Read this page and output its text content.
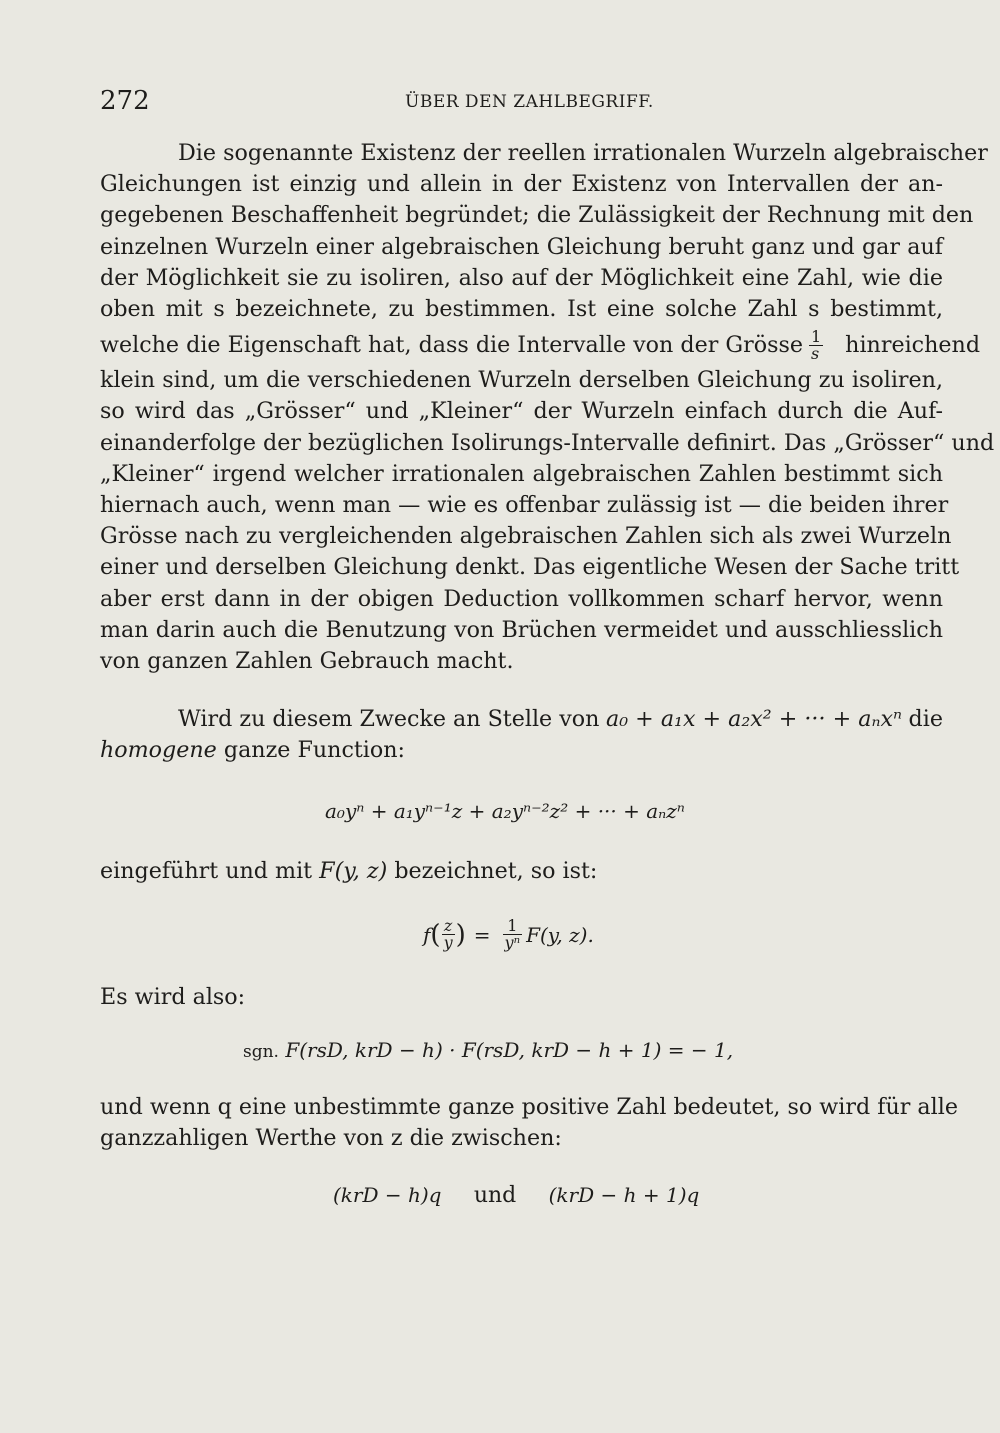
272	ÜBER DEN ZAHLBEGRIFF.
Die sogenannte Existenz der reellen irrationalen Wurzeln algebraischer
Gleichungen ist einzig und allein in der Existenz von Intervallen der an-
gegebenen Beschaffenheit begründet; die Zulässigkeit der Rechnung mit den
einzelnen Wurzeln einer algebraischen Gleichung beruht ganz und gar auf
der Möglichkeit sie zu isoliren, also auf der Möglichkeit eine Zahl, wie die
oben mit s bezeichnete, zu bestimmen. Ist eine solche Zahl s bestimmt,
welche die Eigenschaft hat, dass die Intervalle von der Grösse $\frac{1}{s}$ hinreichend
klein sind, um die verschiedenen Wurzeln derselben Gleichung zu isoliren,
so wird das „Grösser“ und „Kleiner“ der Wurzeln einfach durch die Auf-
einanderfolge der bezüglichen Isolirungs-Intervalle definirt. Das „Grösser“ und
„Kleiner“ irgend welcher irrationalen algebraischen Zahlen bestimmt sich
hiernach auch, wenn man — wie es offenbar zulässig ist — die beiden ihrer
Grösse nach zu vergleichenden algebraischen Zahlen sich als zwei Wurzeln
einer und derselben Gleichung denkt. Das eigentliche Wesen der Sache tritt
aber erst dann in der obigen Deduction vollkommen scharf hervor, wenn
man darin auch die Benutzung von Brüchen vermeidet und ausschliesslich
von ganzen Zahlen Gebrauch macht.
Wird zu diesem Zwecke an Stelle von a₀ + a₁x + a₂x² + ··· + aₙxⁿ die
homogene ganze Function:
a₀yⁿ + a₁yⁿ⁻¹z + a₂yⁿ⁻²z² + ··· + aₙzⁿ
eingeführt und mit F(y, z) bezeichnet, so ist:
f ( $\frac{z}{y}$ ) = $\frac{1}{\text{yⁿ}} F(y$, z).
Es wird also:
sgn. F(rsD, krD − h) · F(rsD, krD − h + 1) = − 1,
und wenn q eine unbestimmte ganze positive Zahl bedeutet, so wird für alle
ganzzahligen Werthe von z die zwischen:
(krD − h)q und (krD − h + 1)q
